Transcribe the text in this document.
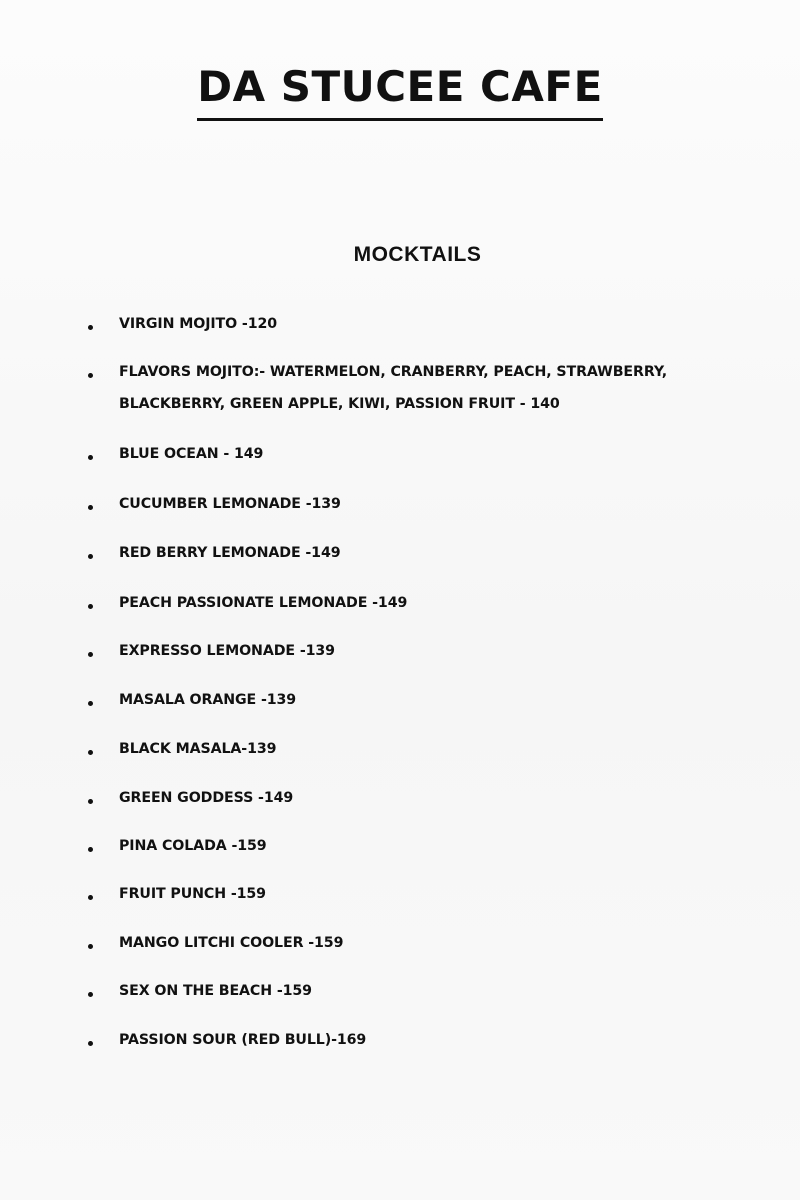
DA STUCEE CAFE
MOCKTAILS
VIRGIN MOJITO -120
FLAVORS MOJITO:- WATERMELON, CRANBERRY, PEACH, STRAWBERRY,
BLACKBERRY, GREEN APPLE, KIWI, PASSION FRUIT - 140
BLUE OCEAN - 149
CUCUMBER LEMONADE -139
RED BERRY LEMONADE -149
PEACH PASSIONATE LEMONADE -149
EXPRESSO LEMONADE -139
MASALA ORANGE -139
BLACK MASALA-139
GREEN GODDESS -149
PINA COLADA -159
FRUIT PUNCH -159
MANGO LITCHI COOLER -159
SEX ON THE BEACH -159
PASSION SOUR (RED BULL)-169
